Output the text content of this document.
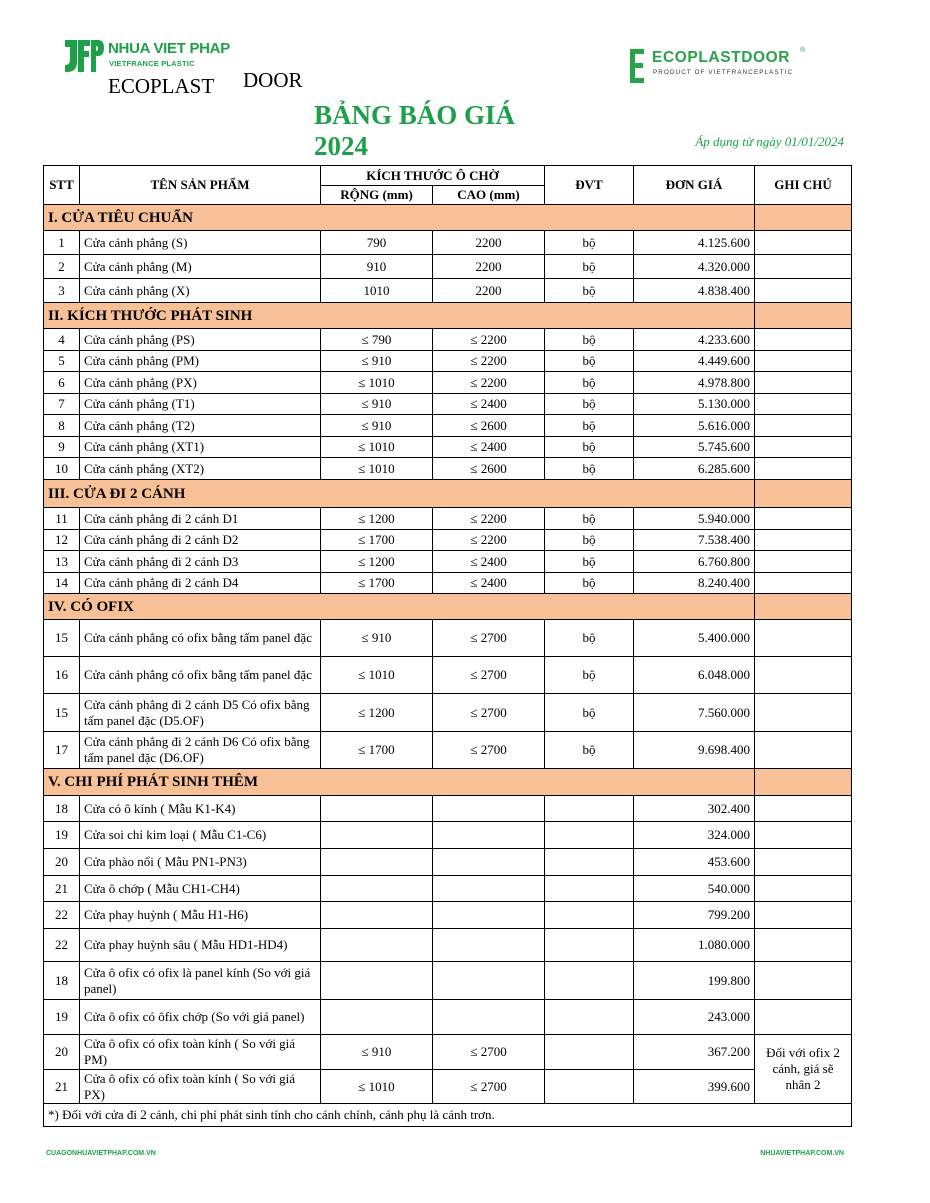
NHUA VIET PHAP
VIETFRANCE PLASTIC
ECOPLAST DOOR
ECOPLASTDOOR ®
PRODUCT OF VIETFRANCEPLASTIC
BẢNG BÁO GIÁ 2024	Áp dụng từ ngày 01/01/2024
STT	TÊN SẢN PHẨM	KÍCH THƯỚC Ô CHỜ		ĐVT	ĐƠN GIÁ	GHI CHÚ
		RỘNG (mm)	CAO (mm)			
I. CỬA TIÊU CHUẨN						
1	Cửa cánh phẳng (S)	790	2200	bộ	4.125.600	
2	Cửa cánh phẳng (M)	910	2200	bộ	4.320.000	
3	Cửa cánh phẳng (X)	1010	2200	bộ	4.838.400	
II. KÍCH THƯỚC PHÁT SINH						
4	Cửa cánh phẳng (PS)	≤ 790	≤ 2200	bộ	4.233.600	
5	Cửa cánh phẳng (PM)	≤ 910	≤ 2200	bộ	4.449.600	
6	Cửa cánh phẳng (PX)	≤ 1010	≤ 2200	bộ	4.978.800	
7	Cửa cánh phẳng (T1)	≤ 910	≤ 2400	bộ	5.130.000	
8	Cửa cánh phẳng (T2)	≤ 910	≤ 2600	bộ	5.616.000	
9	Cửa cánh phẳng (XT1)	≤ 1010	≤ 2400	bộ	5.745.600	
10	Cửa cánh phẳng (XT2)	≤ 1010	≤ 2600	bộ	6.285.600	
III. CỬA ĐI 2 CÁNH						
11	Cửa cánh phẳng đi 2 cánh D1	≤ 1200	≤ 2200	bộ	5.940.000	
12	Cửa cánh phẳng đi 2 cánh D2	≤ 1700	≤ 2200	bộ	7.538.400	
13	Cửa cánh phẳng đi 2 cánh D3	≤ 1200	≤ 2400	bộ	6.760.800	
14	Cửa cánh phẳng đi 2 cánh D4	≤ 1700	≤ 2400	bộ	8.240.400	
IV. CÓ OFIX						
15	Cửa cánh phẳng có ofix bằng tấm panel đặc	≤ 910	≤ 2700	bộ	5.400.000	
16	Cửa cánh phẳng có ofix bằng tấm panel đặc	≤ 1010	≤ 2700	bộ	6.048.000	
15	Cửa cánh phẳng đi 2 cánh D5 Có ofix bằng tấm panel đặc (D5.OF)	≤ 1200	≤ 2700	bộ	7.560.000	
17	Cửa cánh phẳng đi 2 cánh D6 Có ofix bằng tấm panel đặc (D6.OF)	≤ 1700	≤ 2700	bộ	9.698.400	
V. CHI PHÍ PHÁT SINH THÊM						
18	Cửa có ô kính ( Mẫu K1-K4)				302.400	
19	Cửa soi chỉ kim loại ( Mẫu C1-C6)				324.000	
20	Cửa phào nổi ( Mẫu PN1-PN3)				453.600	
21	Cửa ô chớp ( Mẫu CH1-CH4)				540.000	
22	Cửa phay huỳnh ( Mẫu H1-H6)				799.200	
22	Cửa phay huỳnh sâu ( Mẫu HD1-HD4)				1.080.000	
18	Cửa ô ofix có ofix là panel kính (So với giá panel)				199.800	
19	Cửa ô ofix có ôfix chớp (So với giá panel)				243.000	
20	Cửa ô ofix có ofix toàn kính ( So với giá PM)	≤ 910	≤ 2700		367.200	Đối với ofix 2 cánh, giá sẽ nhân 2
21	Cửa ô ofix có ofix toàn kính ( So với giá PX)	≤ 1010	≤ 2700		399.600	
*) Đối với cửa đi 2 cánh, chi phí phát sinh tính cho cánh chính, cánh phụ là cánh trơn.						
CUAGONHUAVIETPHAP.COM.VN	NHUAVIETPHAP.COM.VN
